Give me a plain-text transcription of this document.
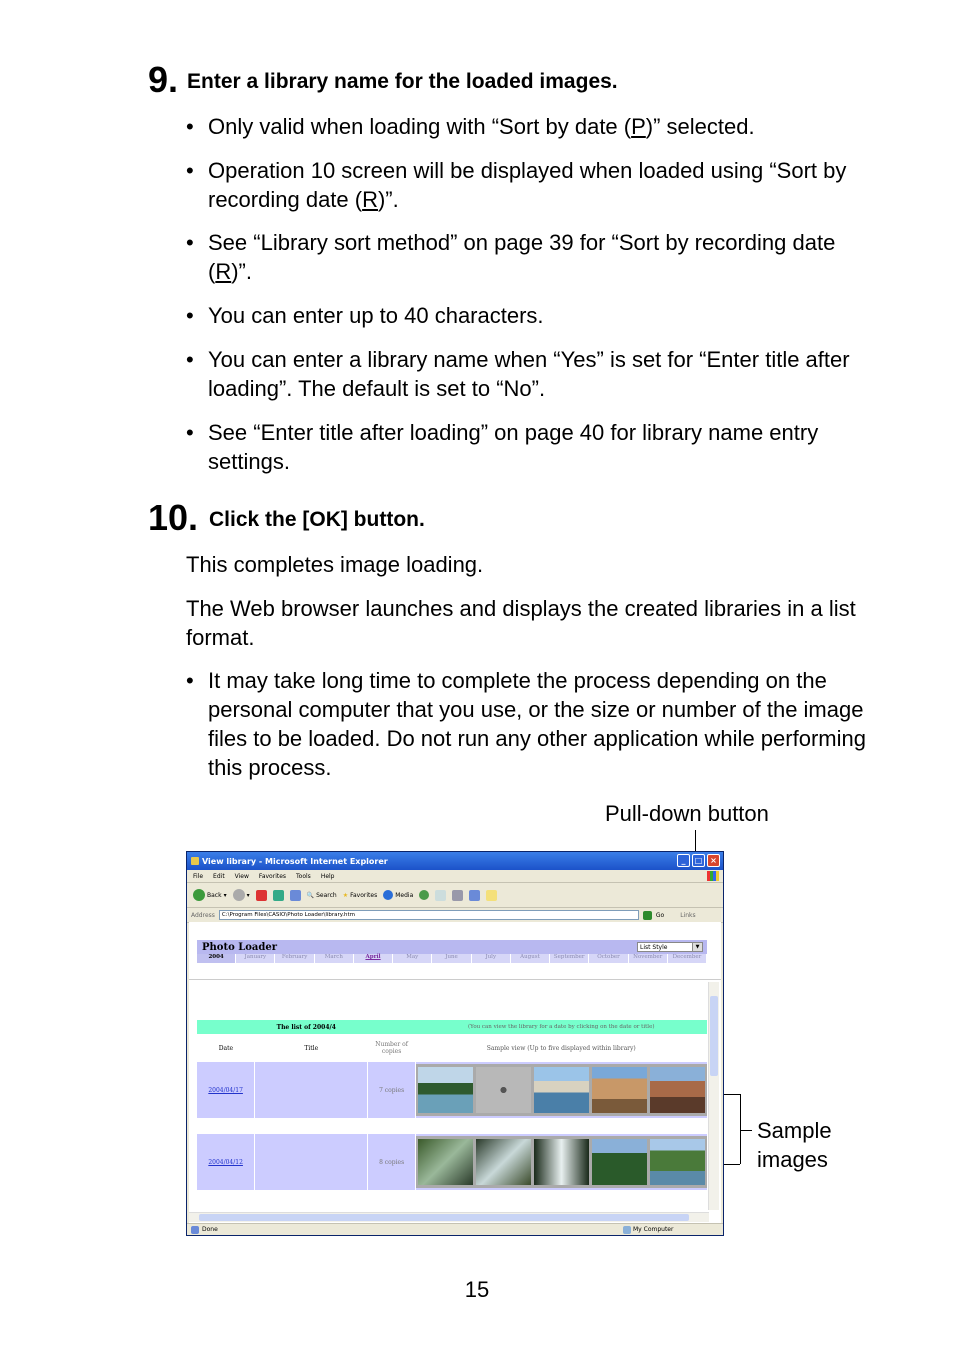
9. Enter a library name for the loaded images.
• Only valid when loading with “Sort by date (P)” selected.
• Operation 10 screen will be displayed when loaded using “Sort by recording date (R)”.
• See “Library sort method” on page 39 for “Sort by recording date (R)”.
• You can enter up to 40 characters.
• You can enter a library name when “Yes” is set for “Enter title after loading”. The default is set to “No”.
• See “Enter title after loading” on page 40 for library name entry settings.
10. Click the [OK] button.
This completes image loading.
The Web browser launches and displays the created libraries in a list format.
• It may take long time to complete the process depending on the personal computer that you use, or the size or number of the image files to be loaded. Do not run any other application while performing this process.
Pull-down button
Sample
images
View library - Microsoft Internet Explorer	_	□ ×
File Edit View Favorites Tools Help
Back ▾	▾	🔍 Search ★ Favorites	Media
Address C:\Program Files\CASIO\Photo Loader\library.htm	Go	Links
Photo Loader	List Style	▼
2004	January	February	March	April	May	June	July	August	September	October	November	December
The list of 2004/4			(You can view the library for a date by clicking on the date or title)
Date	Title	Number of copies	Sample view (Up to five displayed within library)
2004/04/17		7 copies	

2004/04/12		8 copies	
Done	My Computer
15
